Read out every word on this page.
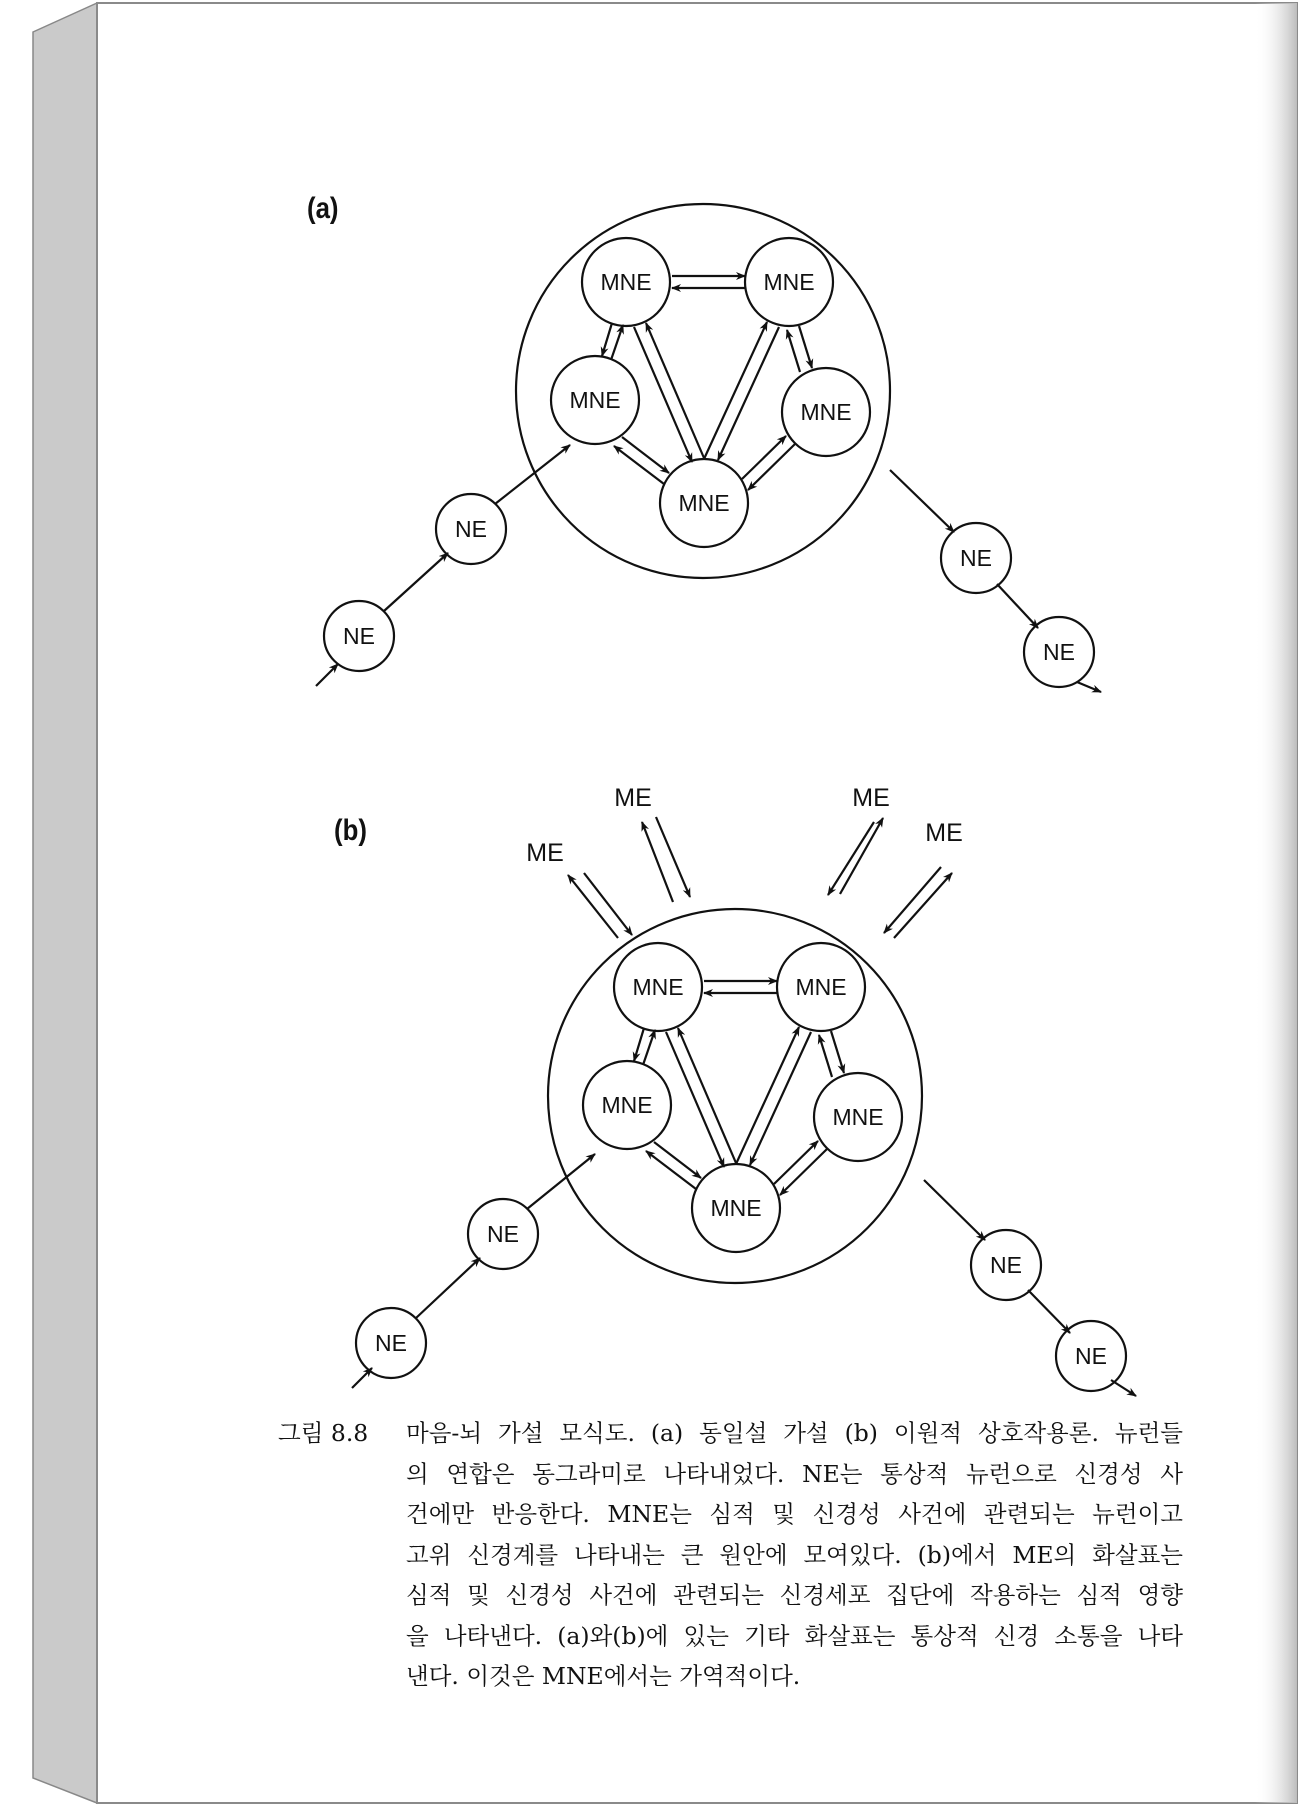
(a)
(b)
MNE	MNE
MNE	MNE
MNE
NE
NE
NE
NE
MNE	MNE
MNE	MNE
MNE
NE
NE
NE
NE
ME
ME	ME
ME
그림 8.8 마음-뇌 가설 모식도. (a) 동일설 가설 (b) 이원적 상호작용론. 뉴런들
의 연합은 동그라미로 나타내었다. NE는 통상적 뉴런으로 신경성 사
건에만 반응한다. MNE는 심적 및 신경성 사건에 관련되는 뉴런이고
고위 신경계를 나타내는 큰 원안에 모여있다. (b)에서 ME의 화살표는
심적 및 신경성 사건에 관련되는 신경세포 집단에 작용하는 심적 영향
을 나타낸다. (a)와(b)에 있는 기타 화살표는 통상적 신경 소통을 나타
낸다. 이것은 MNE에서는 가역적이다.
